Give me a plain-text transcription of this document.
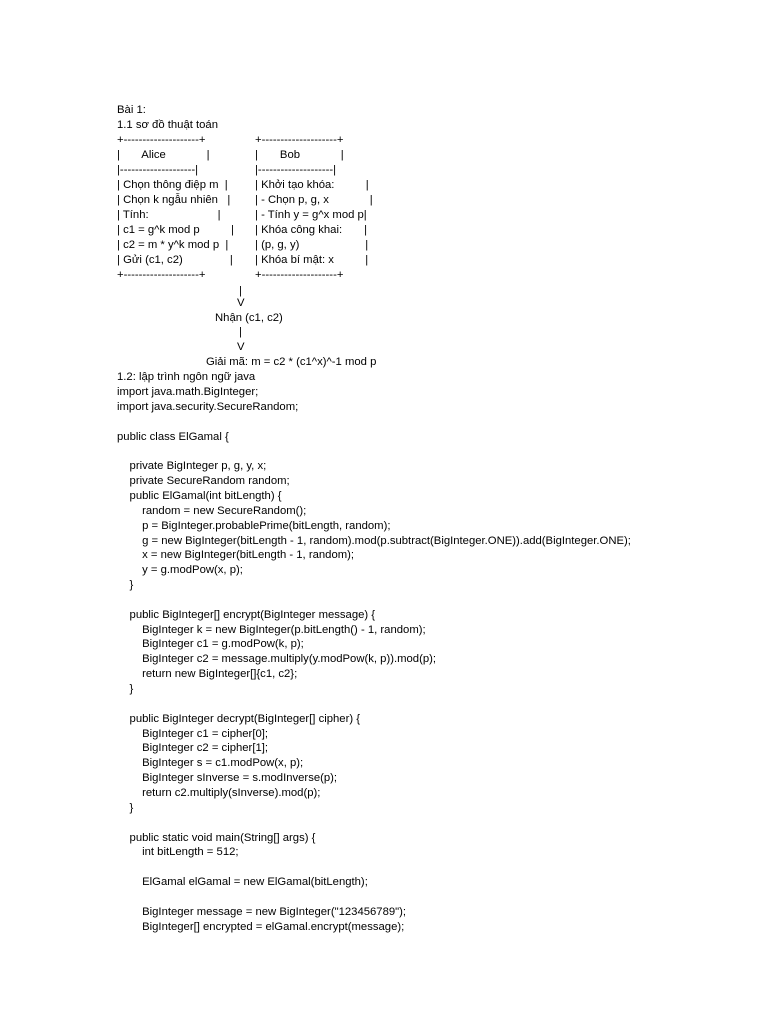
Bài 1:
1.1 sơ đồ thuật toán
+--------------------+
|       Alice             |
|--------------------|
| Chọn thông điệp m  |
| Chọn k ngẫu nhiên   |
| Tính:                      |
| c1 = g^k mod p          |
| c2 = m * y^k mod p  |
| Gửi (c1, c2)               |
+--------------------+
+--------------------+
|       Bob             |
|--------------------|
| Khởi tạo khóa:          |
| - Chọn p, g, x             |
| - Tính y = g^x mod p|
| Khóa công khai:       |
| (p, g, y)                     |
| Khóa bí mật: x          |
+--------------------+
|
V
Nhận (c1, c2)
|
V
Giải mã: m = c2 * (c1^x)^-1 mod p
1.2: lập trình ngôn ngữ java
import java.math.BigInteger;
import java.security.SecureRandom;
public class ElGamal {
private BigInteger p, g, y, x;
private SecureRandom random;
public ElGamal(int bitLength) {
random = new SecureRandom();
p = BigInteger.probablePrime(bitLength, random);
g = new BigInteger(bitLength - 1, random).mod(p.subtract(BigInteger.ONE)).add(BigInteger.ONE);
x = new BigInteger(bitLength - 1, random);
y = g.modPow(x, p);
}
public BigInteger[] encrypt(BigInteger message) {
BigInteger k = new BigInteger(p.bitLength() - 1, random);
BigInteger c1 = g.modPow(k, p);
BigInteger c2 = message.multiply(y.modPow(k, p)).mod(p);
return new BigInteger[]{c1, c2};
}
public BigInteger decrypt(BigInteger[] cipher) {
BigInteger c1 = cipher[0];
BigInteger c2 = cipher[1];
BigInteger s = c1.modPow(x, p);
BigInteger sInverse = s.modInverse(p);
return c2.multiply(sInverse).mod(p);
}
public static void main(String[] args) {
int bitLength = 512;
ElGamal elGamal = new ElGamal(bitLength);
BigInteger message = new BigInteger("123456789");
BigInteger[] encrypted = elGamal.encrypt(message);
